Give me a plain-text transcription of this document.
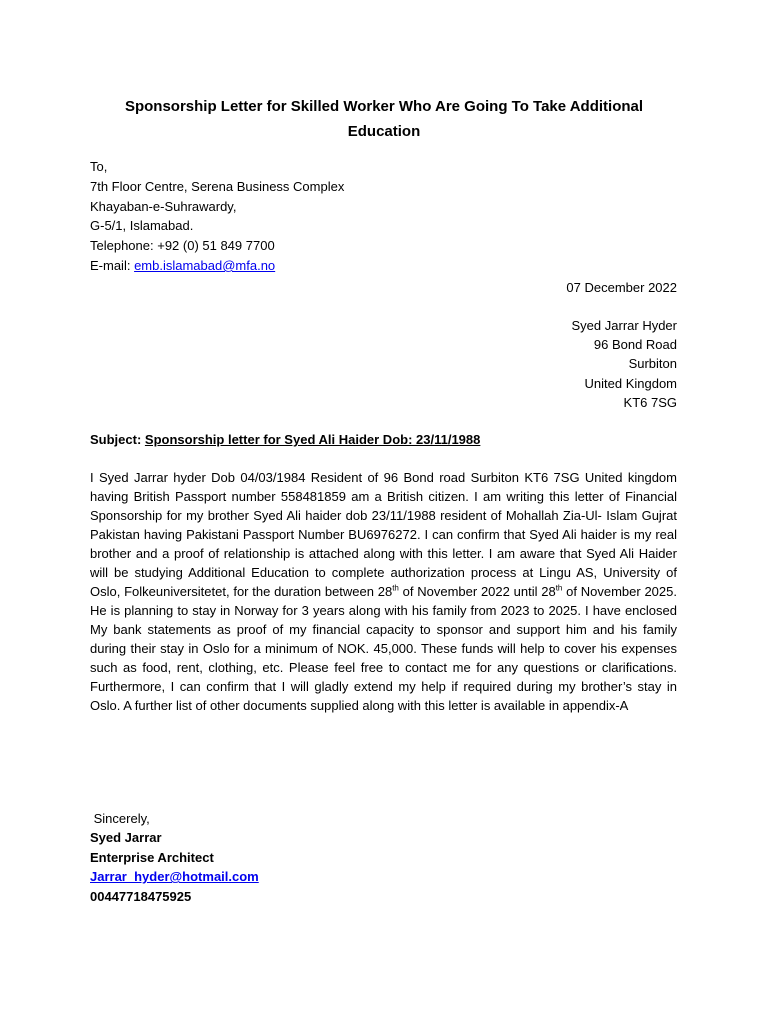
Sponsorship Letter for Skilled Worker Who Are Going To Take Additional Education
To,
7th Floor Centre, Serena Business Complex
Khayaban-e-Suhrawardy,
G-5/1, Islamabad.
Telephone: +92 (0) 51 849 7700
E-mail: emb.islamabad@mfa.no
07 December 2022
Syed Jarrar Hyder
96 Bond Road
Surbiton
United Kingdom
KT6 7SG
Subject: Sponsorship letter for Syed Ali Haider Dob: 23/11/1988
I Syed Jarrar hyder Dob 04/03/1984 Resident of 96 Bond road Surbiton KT6 7SG United kingdom having British Passport number 558481859 am a British citizen. I am writing this letter of Financial Sponsorship for my brother Syed Ali haider dob 23/11/1988 resident of Mohallah Zia-Ul- Islam Gujrat Pakistan having Pakistani Passport Number BU6976272. I can confirm that Syed Ali haider is my real brother and a proof of relationship is attached along with this letter. I am aware that Syed Ali Haider will be studying Additional Education to complete authorization process at Lingu AS, University of Oslo, Folkeuniversitetet, for the duration between 28th of November 2022 until 28th of November 2025. He is planning to stay in Norway for 3 years along with his family from 2023 to 2025. I have enclosed My bank statements as proof of my financial capacity to sponsor and support him and his family during their stay in Oslo for a minimum of NOK. 45,000. These funds will help to cover his expenses such as food, rent, clothing, etc. Please feel free to contact me for any questions or clarifications. Furthermore, I can confirm that I will gladly extend my help if required during my brother’s stay in Oslo. A further list of other documents supplied along with this letter is available in appendix-A
Sincerely,
Syed Jarrar
Enterprise Architect
Jarrar_hyder@hotmail.com
00447718475925
